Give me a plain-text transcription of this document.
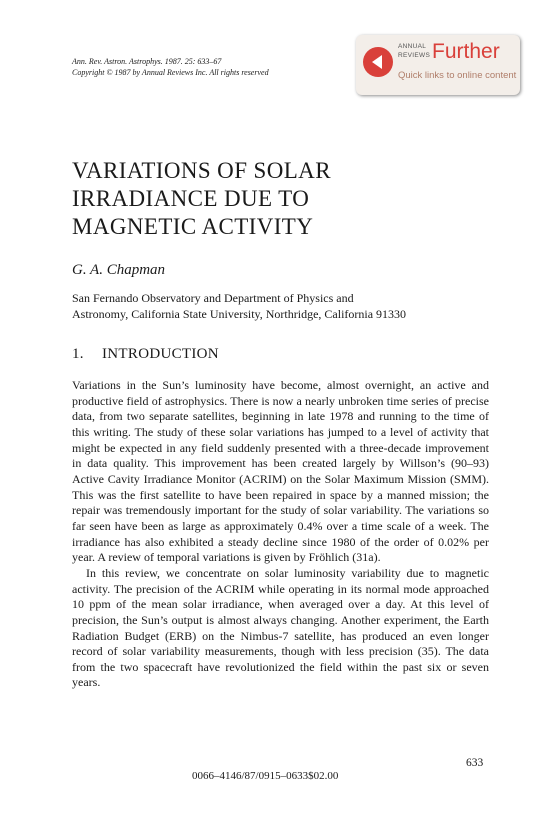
Ann. Rev. Astron. Astrophys. 1987. 25: 633–67
Copyright © 1987 by Annual Reviews Inc. All rights reserved
ANNUAL
REVIEWS Further
Quick links to online content
VARIATIONS OF SOLAR
IRRADIANCE DUE TO
MAGNETIC ACTIVITY
G. A. Chapman
San Fernando Observatory and Department of Physics and
Astronomy, California State University, Northridge, California 91330
1. INTRODUCTION

Variations in the Sun’s luminosity have become, almost overnight, an active and productive field of astrophysics. There is now a nearly unbroken time series of precise data, from two separate satellites, beginning in late 1978 and running to the time of this writing. The study of these solar variations has jumped to a level of activity that might be expected in any field suddenly presented with a three-decade improvement in data quality. This improvement has been created largely by Willson’s (90–93) Active Cavity Irradiance Monitor (ACRIM) on the Solar Maximum Mission (SMM). This was the first satellite to have been repaired in space by a manned mission; the repair was tremendously important for the study of solar variability. The variations so far seen have been as large as approximately 0.4% over a time scale of a week. The irradiance has also exhibited a steady decline since 1980 of the order of 0.02% per year. A review of temporal variations is given by Fröhlich (31a).

In this review, we concentrate on solar luminosity variability due to magnetic activity. The precision of the ACRIM while operating in its normal mode approached 10 ppm of the mean solar irradiance, when averaged over a day. At this level of precision, the Sun’s output is almost always changing. Another experiment, the Earth Radiation Budget (ERB) on the Nimbus-7 satellite, has produced an even longer record of solar variability measurements, though with less precision (35). The data from the two spacecraft have revolutionized the field within the past six or seven years.

633
0066–4146/87/0915–0633$02.00
